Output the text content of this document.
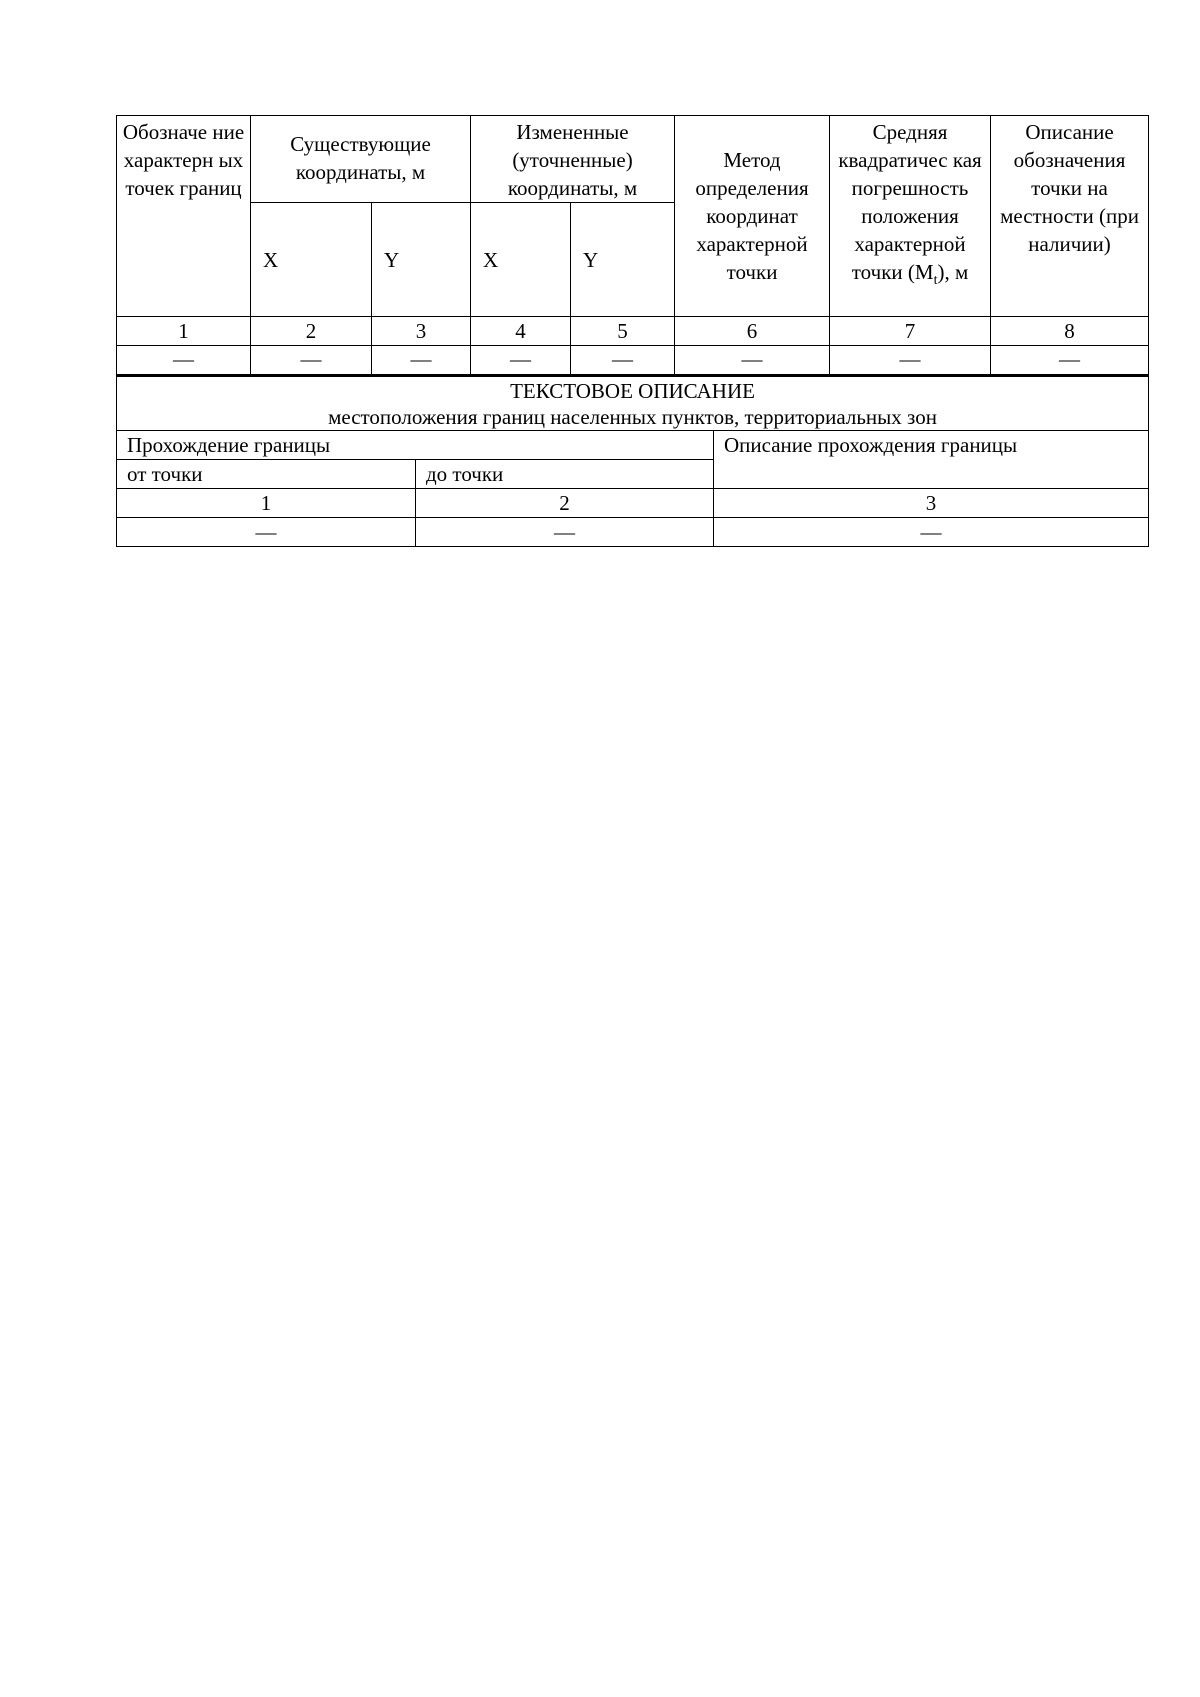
Обозначе ние характерн ых точек границ	Существующие координаты, м		Измененные (уточненные) координаты, м		Метод определения координат характерной точки	Средняя квадратичес кая погрешность положения характерной точки $(M_t)$, м	Описание обозначения точки на местности (при наличии)
	X	Y	X	Y			
1	2	3	4	5	6	7	8
—	—	—	—	—	—	—	—
ТЕКСТОВОЕ ОПИСАНИЕ
местоположения границ населенных пунктов, территориальных зон		

Прохождение границы		Описание прохождения границы
от точки	до точки	
1	2	3
—	—	—
